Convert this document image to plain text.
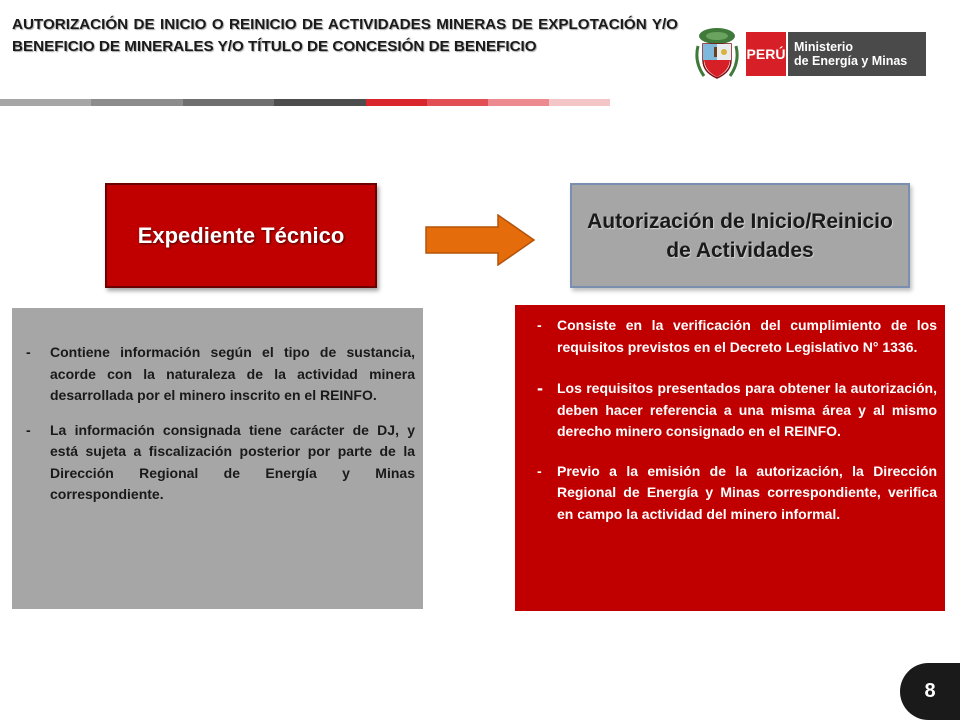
AUTORIZACIÓN DE INICIO O REINICIO DE ACTIVIDADES MINERAS DE EXPLOTACIÓN Y/O BENEFICIO DE MINERALES Y/O TÍTULO DE CONCESIÓN DE BENEFICIO	PERÚ Ministerio
de Energía y Minas
Expediente Técnico
Autorización de Inicio/Reinicio de Actividades
- Contiene información según el tipo de sustancia, acorde con la naturaleza de la actividad minera desarrollada por el minero inscrito en el REINFO.
- La información consignada tiene carácter de DJ, y está sujeta a fiscalización posterior por parte de la Dirección Regional de Energía y Minas correspondiente.
- Consiste en la verificación del cumplimiento de los requisitos previstos en el Decreto Legislativo N° 1336.
- Los requisitos presentados para obtener la autorización, deben hacer referencia a una misma área y al mismo derecho minero consignado en el REINFO.
- Previo a la emisión de la autorización, la Dirección Regional de Energía y Minas correspondiente, verifica en campo la actividad del minero informal.
8
